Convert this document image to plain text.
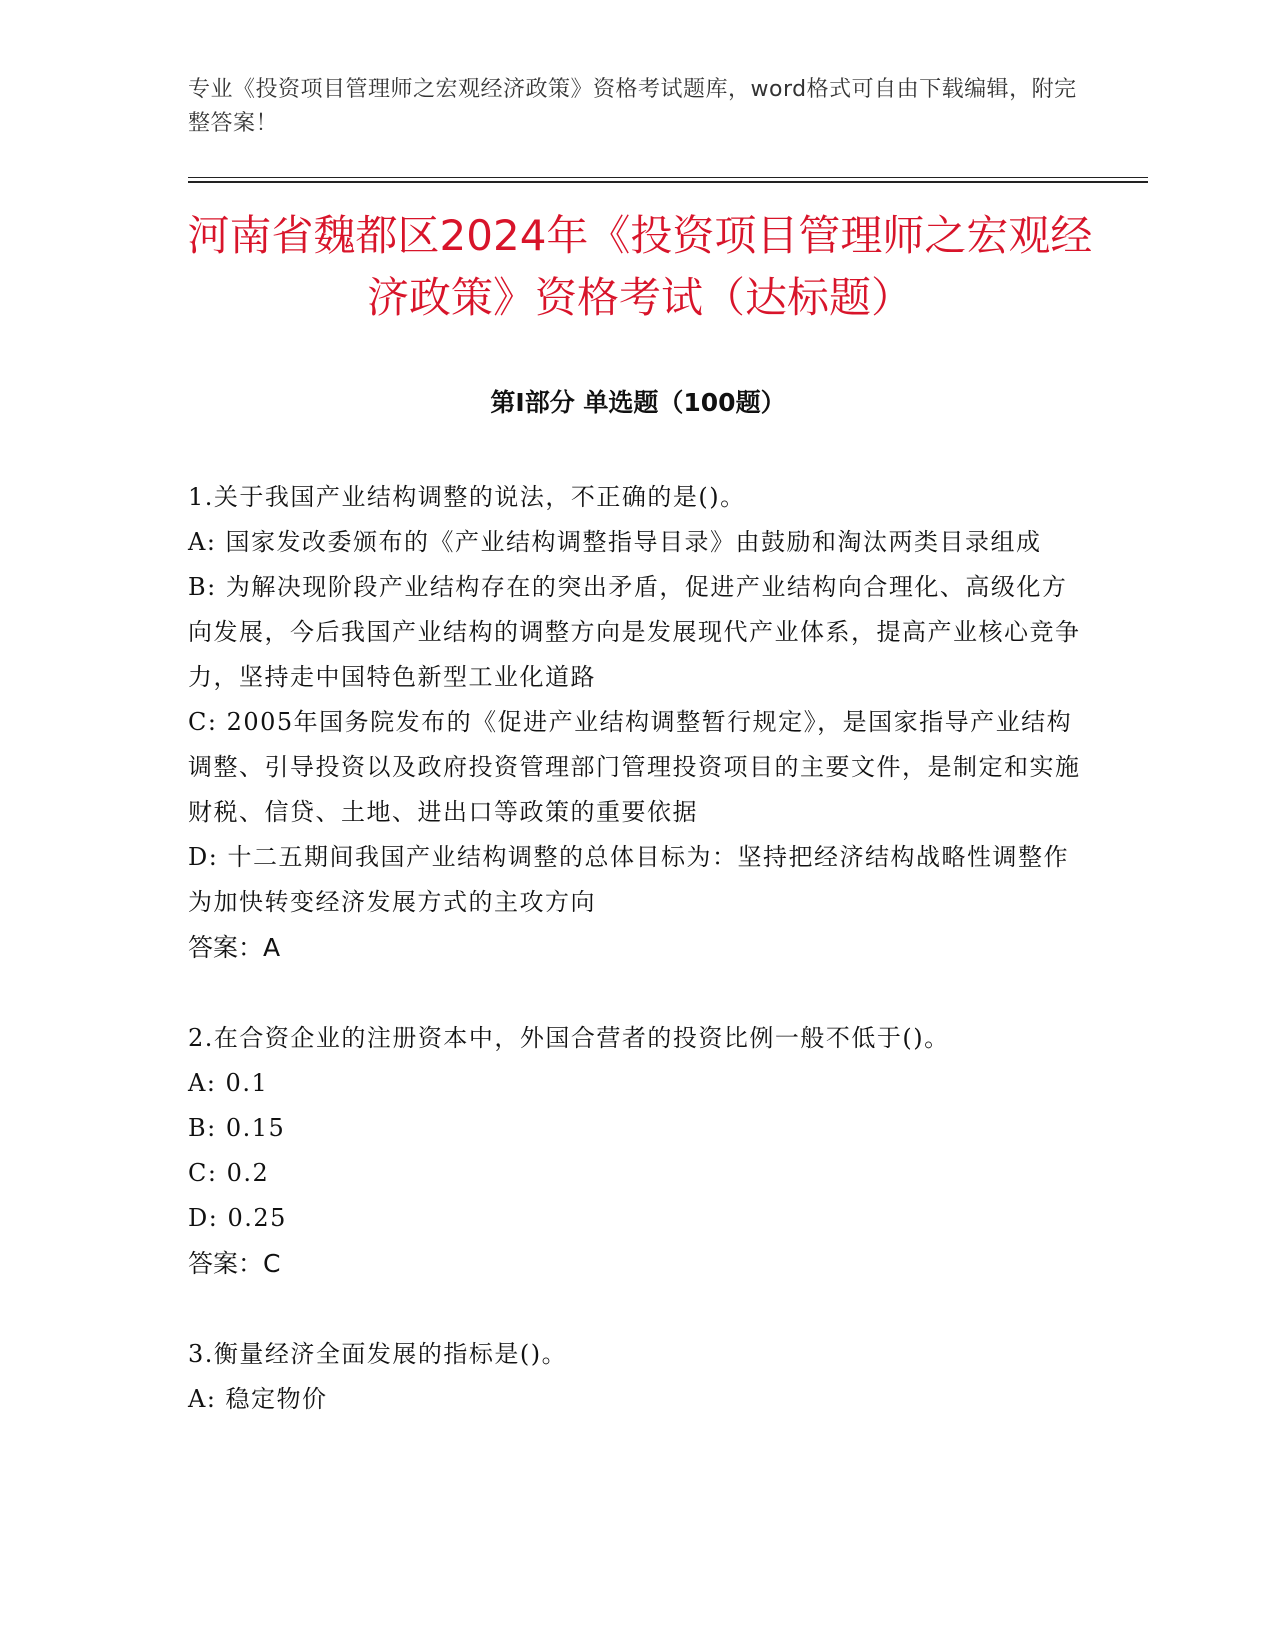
专业《投资项目管理师之宏观经济政策》资格考试题库，word格式可自由下载编辑，附完整答案！
河南省魏都区2024年《投资项目管理师之宏观经济政策》资格考试（达标题）
第Ⅰ部分 单选题（100题）

1.关于我国产业结构调整的说法，不正确的是()。

A: 国家发改委颁布的《产业结构调整指导目录》由鼓励和淘汰两类目录组成

B: 为解决现阶段产业结构存在的突出矛盾，促进产业结构向合理化、高级化方向发展，今后我国产业结构的调整方向是发展现代产业体系，提高产业核心竞争力，坚持走中国特色新型工业化道路

C: 2005年国务院发布的《促进产业结构调整暂行规定》，是国家指导产业结构调整、引导投资以及政府投资管理部门管理投资项目的主要文件，是制定和实施财税、信贷、土地、进出口等政策的重要依据

D: 十二五期间我国产业结构调整的总体目标为：坚持把经济结构战略性调整作为加快转变经济发展方式的主攻方向

答案：A

2.在合资企业的注册资本中，外国合营者的投资比例一般不低于()。

A: 0.1

B: 0.15

C: 0.2

D: 0.25

答案：C

3.衡量经济全面发展的指标是()。

A: 稳定物价
